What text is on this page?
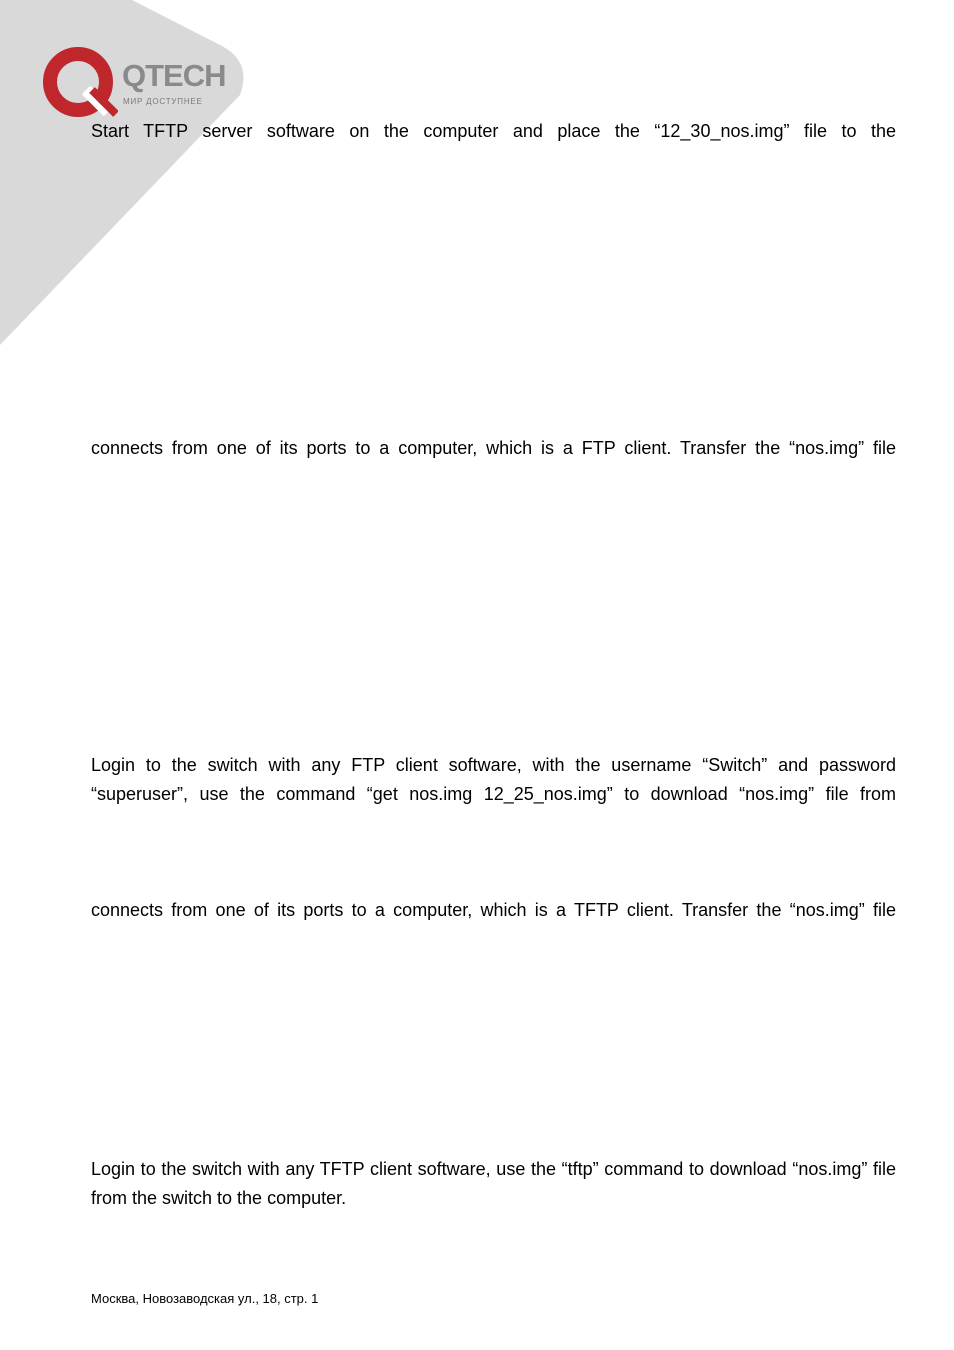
QTECH
МИР ДОСТУПНЕЕ

Start TFTP server software on the computer and place the “12_30_nos.img” file to the

connects from one of its ports to a computer, which is a FTP client. Transfer the “nos.img” file

Login to the switch with any FTP client software, with the username “Switch” and password “superuser”, use the command “get nos.img 12_25_nos.img” to download “nos.img” file from

connects from one of its ports to a computer, which is a TFTP client. Transfer the “nos.img” file

Login to the switch with any TFTP client software, use the “tftp” command to download “nos.img” file from the switch to the computer.

Москва, Новозаводская ул., 18, стр. 1
